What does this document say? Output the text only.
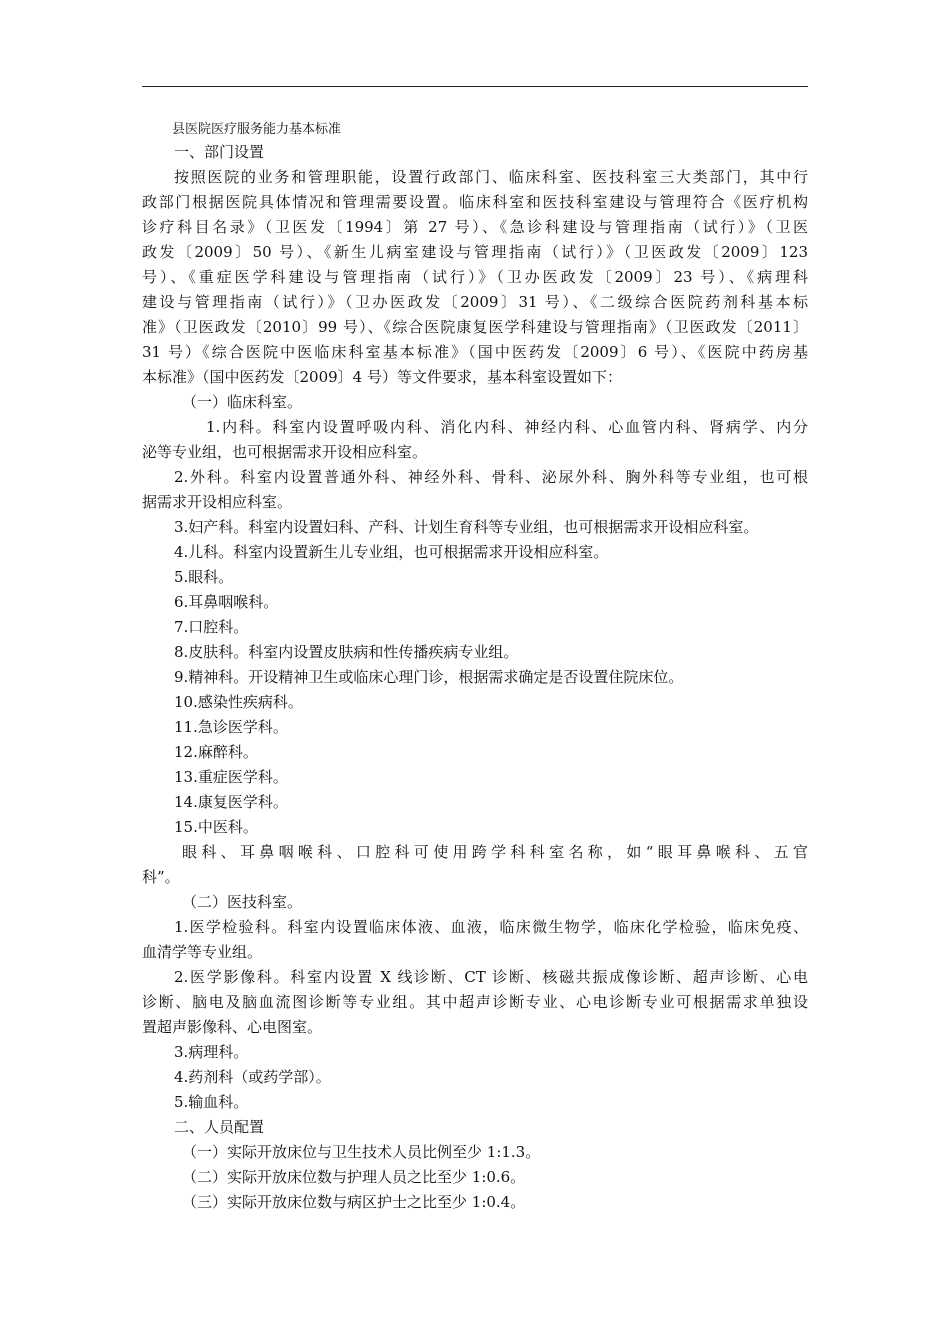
县医院医疗服务能力基本标准
一、部门设置
按照医院的业务和管理职能，设置行政部门、临床科室、医技科室三大类部门，其中行
政部门根据医院具体情况和管理需要设置。临床科室和医技科室建设与管理符合《医疗机构
诊疗科目名录》（卫医发〔1994〕第 27 号）、《急诊科建设与管理指南（试行）》（卫医
政发〔2009〕50 号）、《新生儿病室建设与管理指南（试行）》（卫医政发〔2009〕123
号）、《重症医学科建设与管理指南（试行）》（卫办医政发〔2009〕23 号）、《病理科
建设与管理指南（试行）》（卫办医政发〔2009〕31 号）、《二级综合医院药剂科基本标
准》（卫医政发〔2010〕99 号）、《综合医院康复医学科建设与管理指南》（卫医政发〔2011〕
31 号）《综合医院中医临床科室基本标准》（国中医药发〔2009〕6 号）、《医院中药房基
本标准》（国中医药发〔2009〕4 号）等文件要求，基本科室设置如下：
（一）临床科室。
1.内科。科室内设置呼吸内科、消化内科、神经内科、心血管内科、肾病学、内分
泌等专业组，也可根据需求开设相应科室。
2.外科。科室内设置普通外科、神经外科、骨科、泌尿外科、胸外科等专业组，也可根
据需求开设相应科室。
3.妇产科。科室内设置妇科、产科、计划生育科等专业组，也可根据需求开设相应科室。
4.儿科。科室内设置新生儿专业组，也可根据需求开设相应科室。
5.眼科。
6.耳鼻咽喉科。
7.口腔科。
8.皮肤科。科室内设置皮肤病和性传播疾病专业组。
9.精神科。开设精神卫生或临床心理门诊，根据需求确定是否设置住院床位。
10.感染性疾病科。
11.急诊医学科。
12.麻醉科。
13.重症医学科。
14.康复医学科。
15.中医科。
眼科、耳鼻咽喉科、口腔科可使用跨学科科室名称，如“眼耳鼻喉科、五官
科”。
（二）医技科室。
1.医学检验科。科室内设置临床体液、血液，临床微生物学，临床化学检验，临床免疫、
血清学等专业组。
2.医学影像科。科室内设置 X 线诊断、CT 诊断、核磁共振成像诊断、超声诊断、心电
诊断、脑电及脑血流图诊断等专业组。其中超声诊断专业、心电诊断专业可根据需求单独设
置超声影像科、心电图室。
3.病理科。
4.药剂科（或药学部）。
5.输血科。
二、人员配置
（一）实际开放床位与卫生技术人员比例至少 1:1.3。
（二）实际开放床位数与护理人员之比至少 1:0.6。
（三）实际开放床位数与病区护士之比至少 1:0.4。
